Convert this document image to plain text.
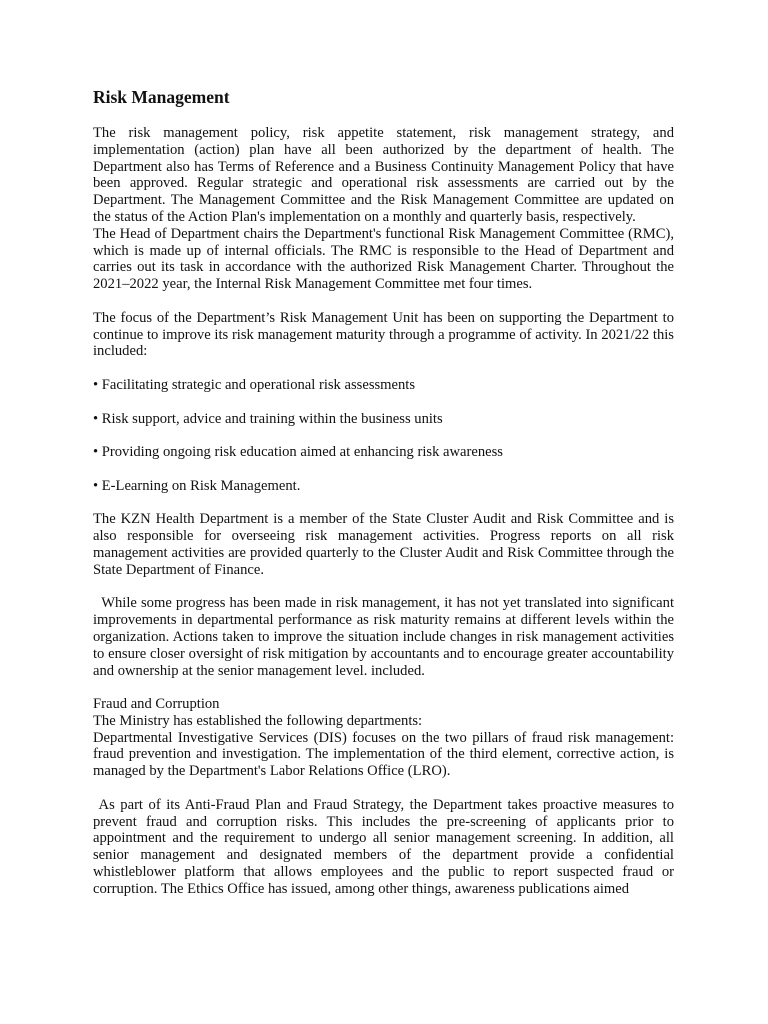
Risk Management

The risk management policy, risk appetite statement, risk management strategy, and implementation (action) plan have all been authorized by the department of health. The Department also has Terms of Reference and a Business Continuity Management Policy that have been approved. Regular strategic and operational risk assessments are carried out by the Department. The Management Committee and the Risk Management Committee are updated on the status of the Action Plan's implementation on a monthly and quarterly basis, respectively.

The Head of Department chairs the Department's functional Risk Management Committee (RMC), which is made up of internal officials. The RMC is responsible to the Head of Department and carries out its task in accordance with the authorized Risk Management Charter. Throughout the 2021–2022 year, the Internal Risk Management Committee met four times.

The focus of the Department’s Risk Management Unit has been on supporting the Department to continue to improve its risk management maturity through a programme of activity. In 2021/22 this included:

• Facilitating strategic and operational risk assessments

• Risk support, advice and training within the business units

• Providing ongoing risk education aimed at enhancing risk awareness

• E-Learning on Risk Management.

The KZN Health Department is a member of the State Cluster Audit and Risk Committee and is also responsible for overseeing risk management activities. Progress reports on all risk management activities are provided quarterly to the Cluster Audit and Risk Committee through the State Department of Finance.

While some progress has been made in risk management, it has not yet translated into significant improvements in departmental performance as risk maturity remains at different levels within the organization. Actions taken to improve the situation include changes in risk management activities to ensure closer oversight of risk mitigation by accountants and to encourage greater accountability and ownership at the senior management level. included.

Fraud and Corruption

The Ministry has established the following departments:

Departmental Investigative Services (DIS) focuses on the two pillars of fraud risk management: fraud prevention and investigation. The implementation of the third element, corrective action, is managed by the Department's Labor Relations Office (LRO).

As part of its Anti-Fraud Plan and Fraud Strategy, the Department takes proactive measures to prevent fraud and corruption risks. This includes the pre-screening of applicants prior to appointment and the requirement to undergo all senior management screening. In addition, all senior management and designated members of the department provide a confidential whistleblower platform that allows employees and the public to report suspected fraud or corruption. The Ethics Office has issued, among other things, awareness publications aimed
